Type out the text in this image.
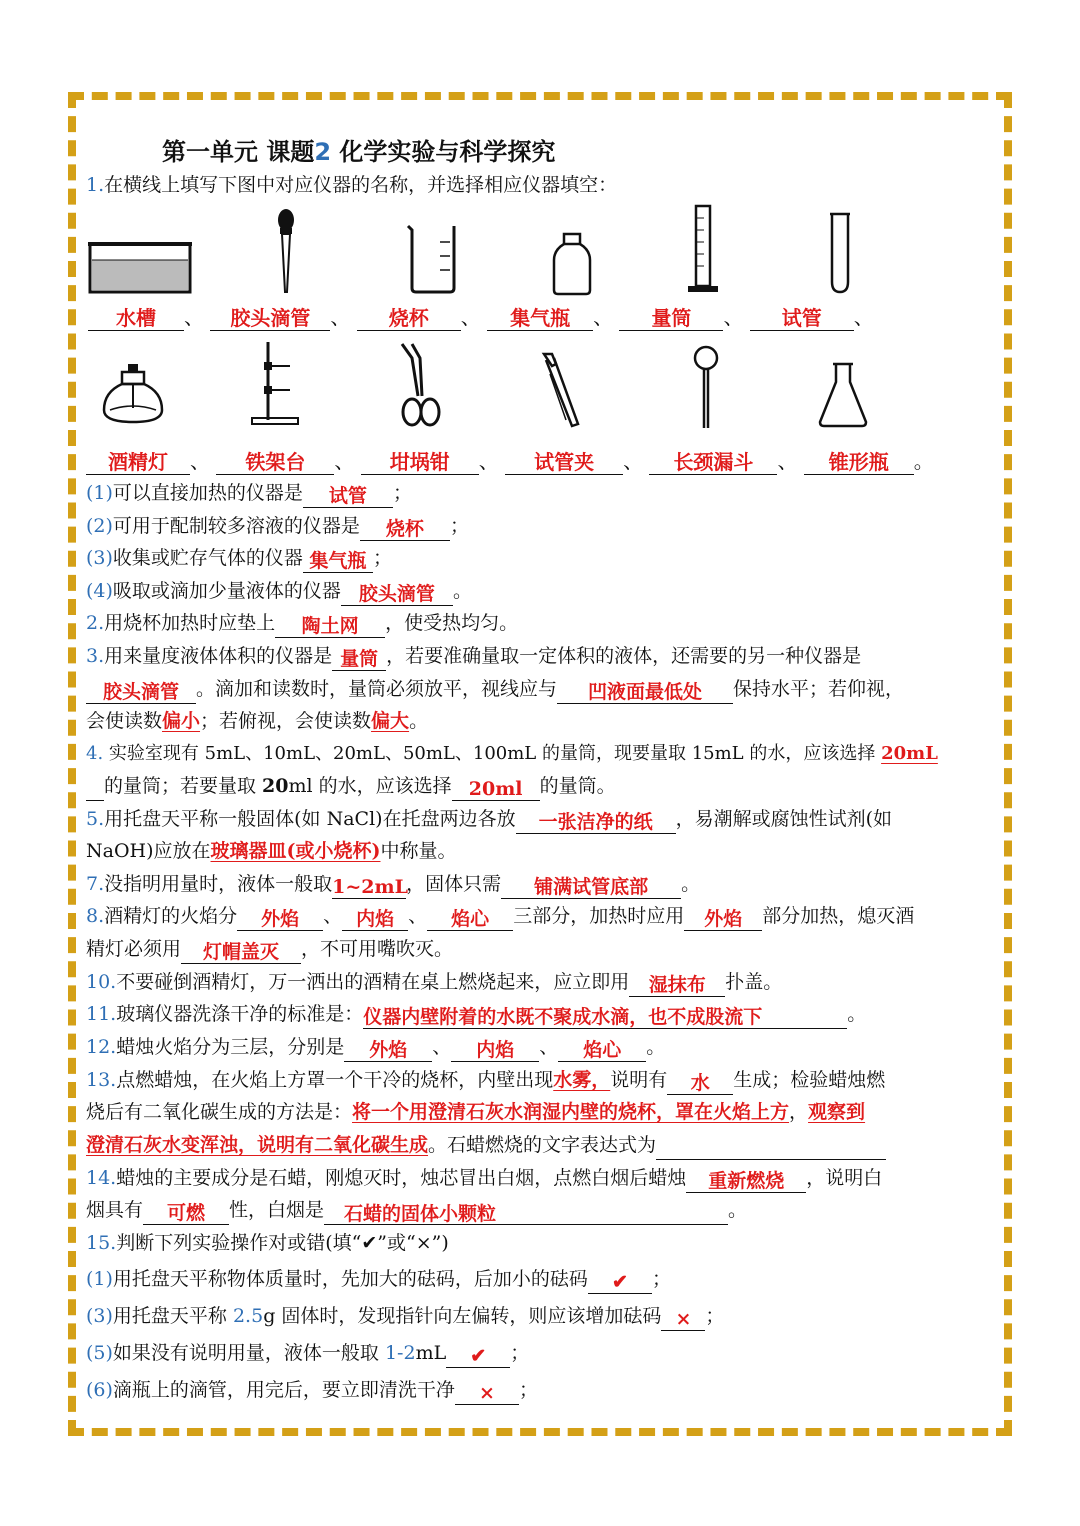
第一单元 课题2 化学实验与科学探究
1.在横线上填写下图中对应仪器的名称，并选择相应仪器填空：
水槽 、 胶头滴管 、 烧杯 、 集气瓶 、 量筒 、 试管 、
酒精灯 、 铁架台 、 坩埚钳 、 试管夹 、 长颈漏斗 、 锥形瓶 。
(1)可以直接加热的仪器是 试管 ；
(2)可用于配制较多溶液的仪器是 烧杯 ；
(3)收集或贮存气体的仪器 集气瓶 ；
(4)吸取或滴加少量液体的仪器 胶头滴管 。
2.用烧杯加热时应垫上 陶土网 ，使受热均匀。
3.用来量度液体体积的仪器是 量筒 ，若要准确量取一定体积的液体，还需要的另一种仪器是
胶头滴管 。滴加和读数时，量筒必须放平，视线应与 凹液面最低处 保持水平；若仰视，
会使读数偏小；若俯视，会使读数偏大。
4. 实验室现有 5mL、10mL、20mL、50mL、100mL 的量筒，现要量取 15mL 的水，应该选择 20mL
的量筒；若要量取 20ml 的水，应该选择 20ml 的量筒。
5.用托盘天平称一般固体(如 NaCl)在托盘两边各放 一张洁净的纸 ，易潮解或腐蚀性试剂(如
NaOH)应放在玻璃器皿(或小烧杯)中称量。
7.没指明用量时，液体一般取1~2mL，固体只需 铺满试管底部 。
8.酒精灯的火焰分 外焰 、 内焰 、 焰心 三部分，加热时应用 外焰 部分加热，熄灭酒
精灯必须用 灯帽盖灭 ，不可用嘴吹灭。
10.不要碰倒酒精灯，万一洒出的酒精在桌上燃烧起来，应立即用 湿抹布 扑盖。
11.玻璃仪器洗涤干净的标准是：仪器内壁附着的水既不聚成水滴，也不成股流下	。
12.蜡烛火焰分为三层，分别是 外焰 、 内焰 、 焰心 。
13.点燃蜡烛，在火焰上方罩一个干冷的烧杯，内壁出现水雾，说明有 水 生成；检验蜡烛燃
烧后有二氧化碳生成的方法是：将一个用澄清石灰水润湿内壁的烧杯，罩在火焰上方，观察到
澄清石灰水变浑浊，说明有二氧化碳生成。石蜡燃烧的文字表达式为
14.蜡烛的主要成分是石蜡，刚熄灭时，烛芯冒出白烟，点燃白烟后蜡烛 重新燃烧 ，说明白
烟具有 可燃 性，白烟是 石蜡的固体小颗粒	。
15.判断下列实验操作对或错(填“✔”或“×”)
(1)用托盘天平称物体质量时，先加大的砝码，后加小的砝码 ✔ ；
(3)用托盘天平称 2.5g 固体时，发现指针向左偏转，则应该增加砝码 × ；
(5)如果没有说明用量，液体一般取 1-2mL ✔ ；
(6)滴瓶上的滴管，用完后，要立即清洗干净 × ；
